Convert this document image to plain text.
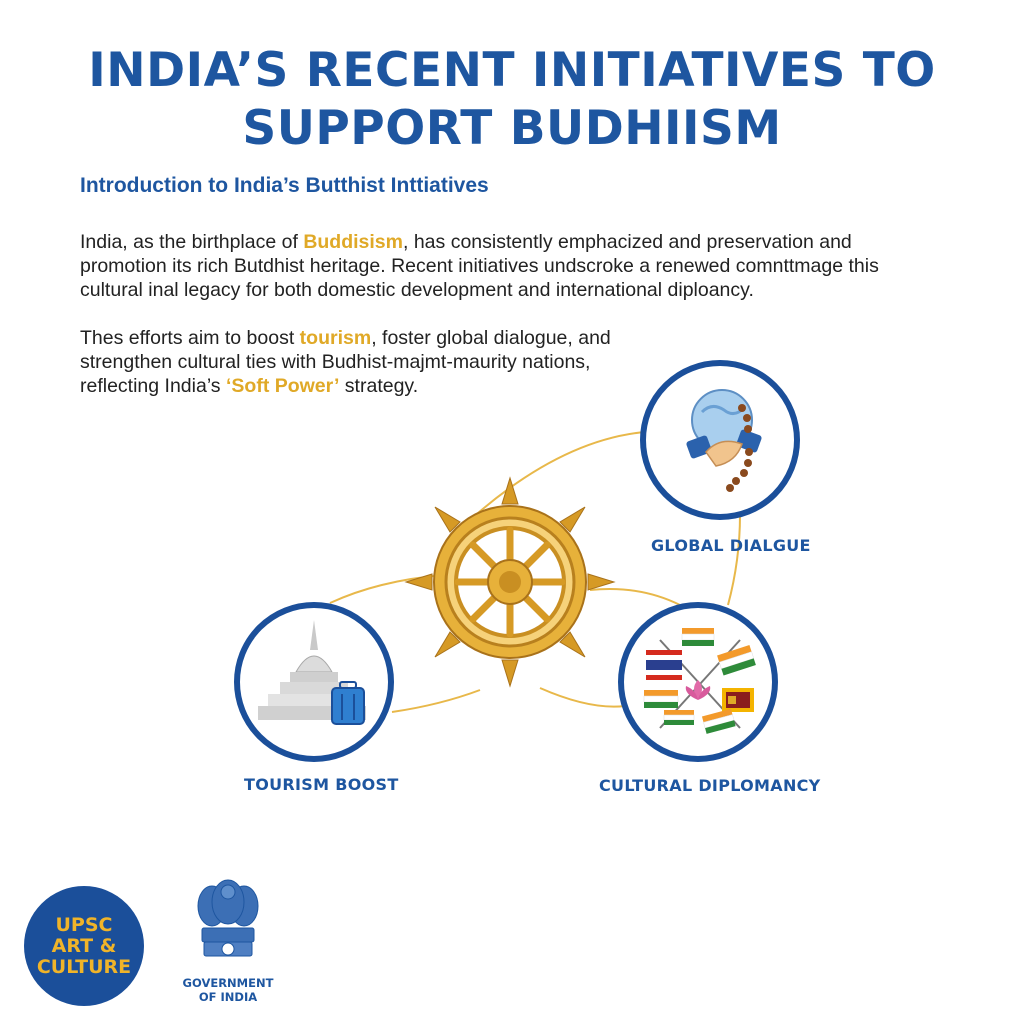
INDIA’S RECENT INITIATIVES TO
SUPPORT BUDHIISM
Introduction to India’s Butthist Inttiatives
India, as the birthplace of Buddisism, has consistently emphacized and preservation and
promotion its rich Butdhist heritage. Recent initiatives undscroke a renewed comnttmage this
cultural inal legacy for both domestic development and international diploancy.
Thes efforts aim to boost tourism, foster global dialogue, and
strengthen cultural ties with Budhist-majmt-maurity nations,
reflecting India’s ‘Soft Power’ strategy.
GLOBAL DIALGUE
TOURISM BOOST	CULTURAL DIPLOMANCY
UPSC
ART &
CULTURE
GOVERNMENT
OF INDIA
